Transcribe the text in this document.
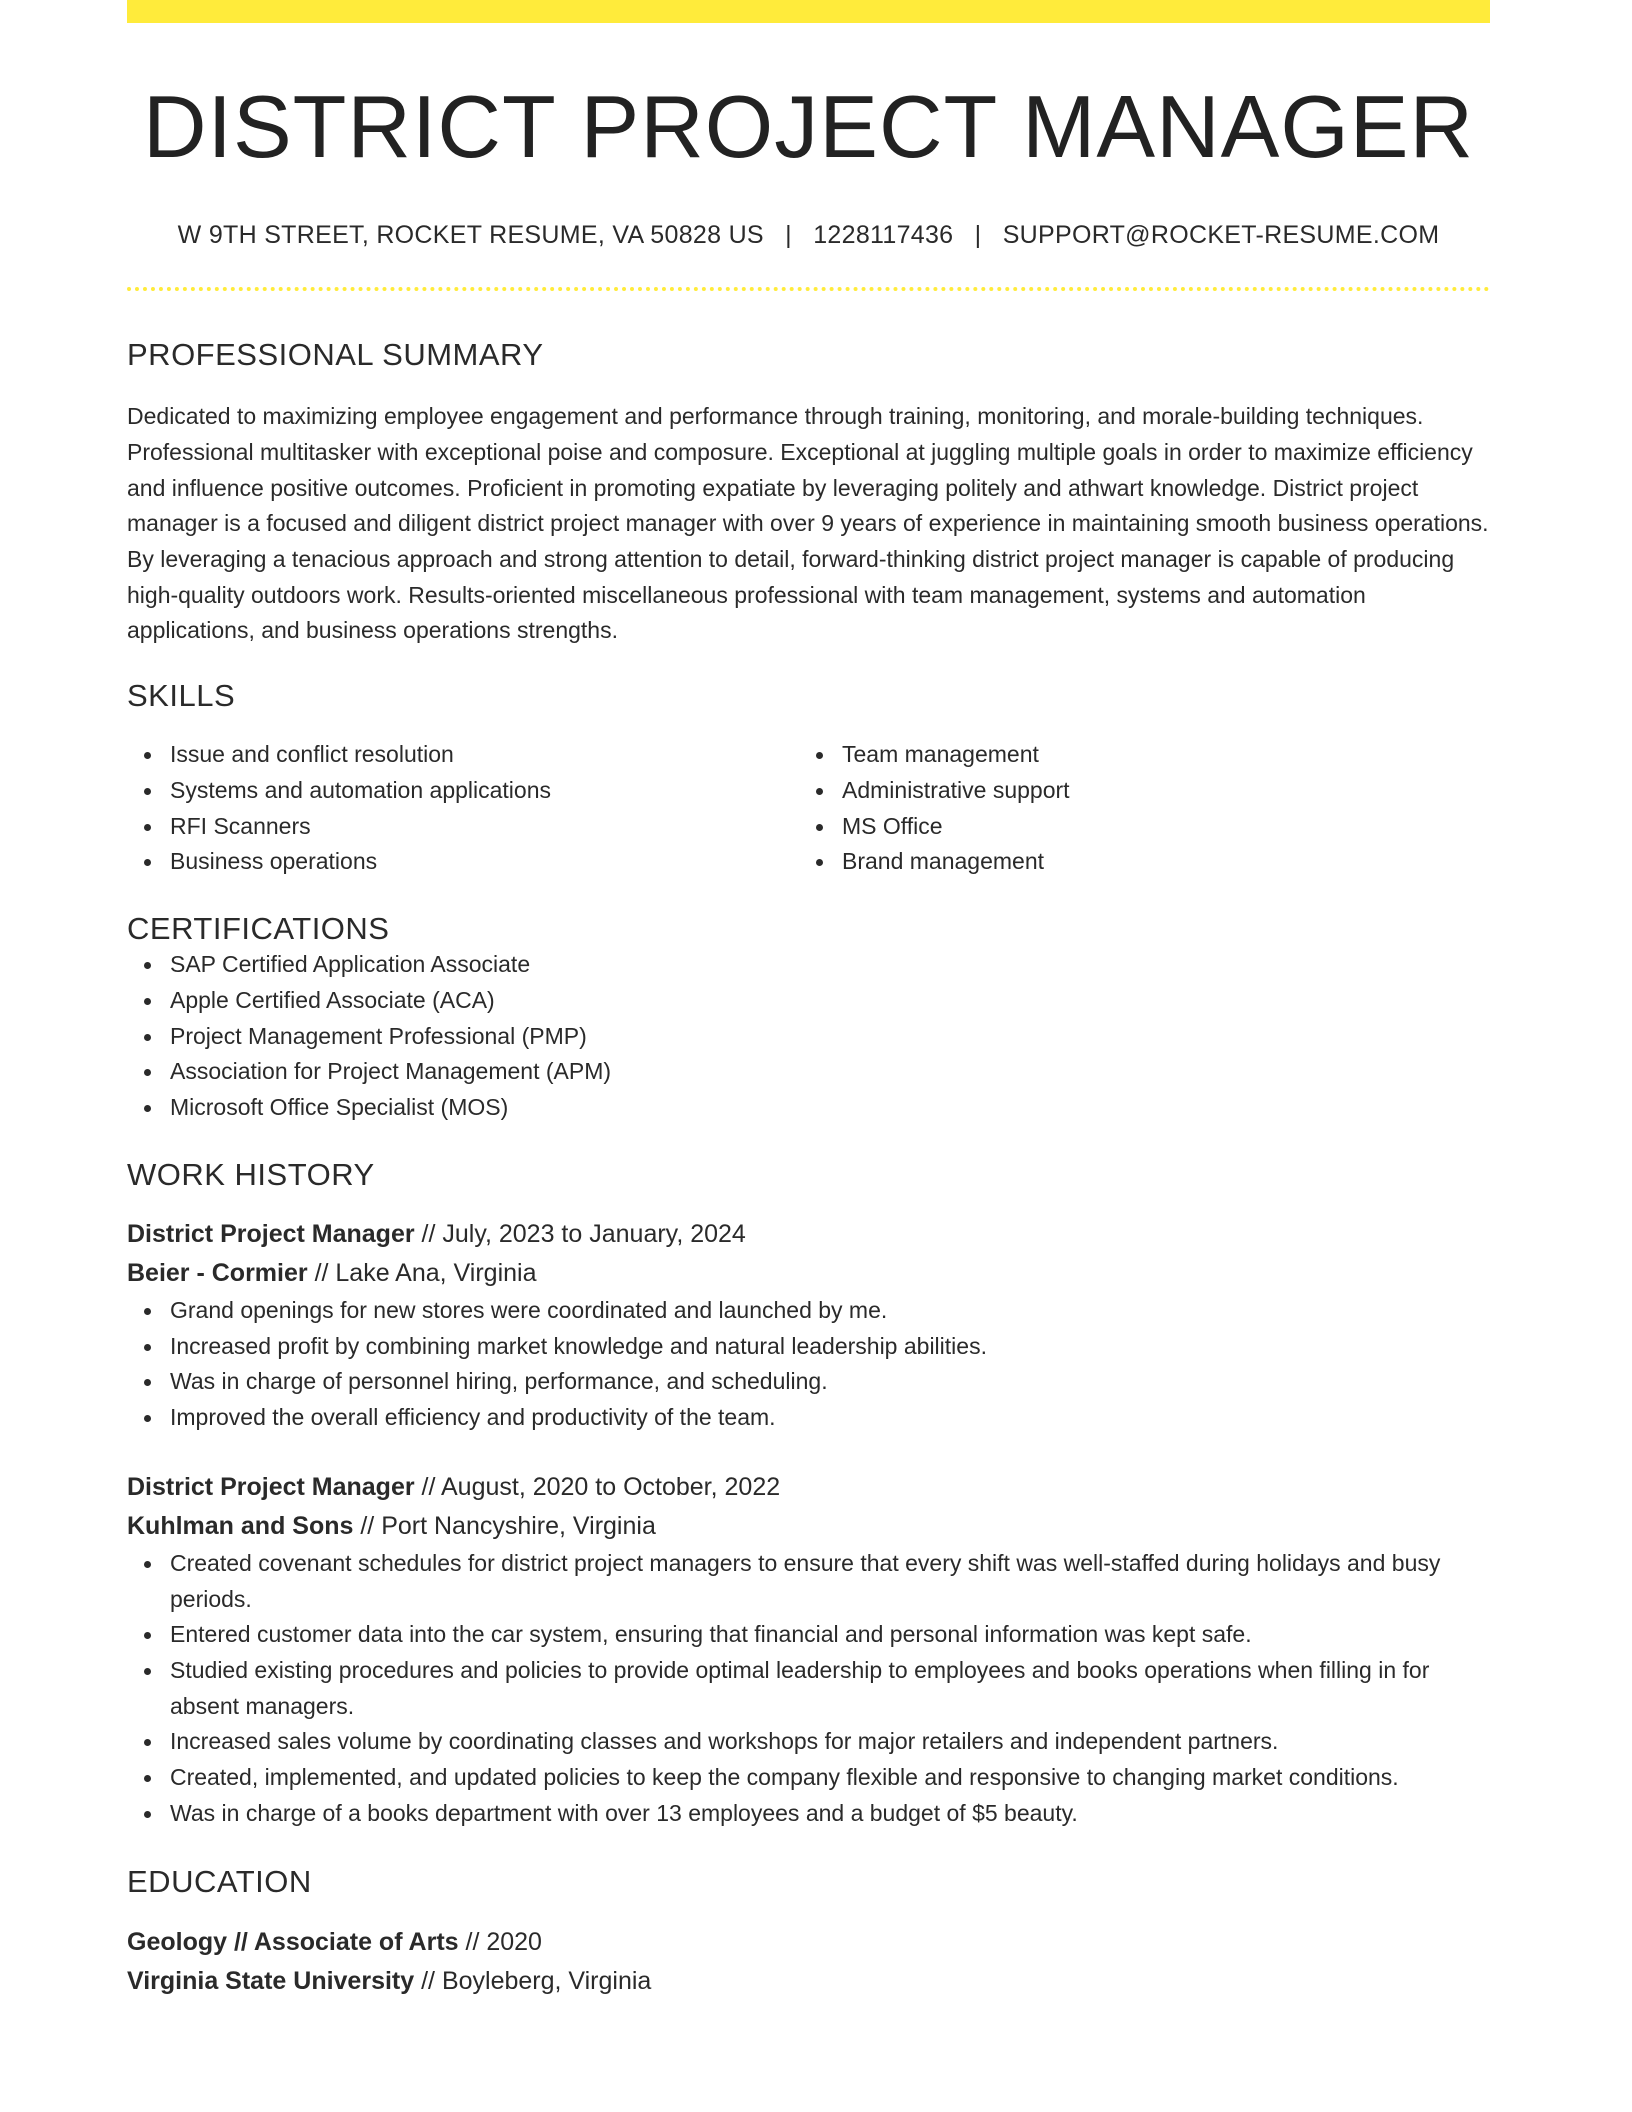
DISTRICT PROJECT MANAGER
W 9TH STREET, ROCKET RESUME, VA 50828 US | 1228117436 | SUPPORT@ROCKET-RESUME.COM
PROFESSIONAL SUMMARY

Dedicated to maximizing employee engagement and performance through training, monitoring, and morale-building techniques. Professional multitasker with exceptional poise and composure. Exceptional at juggling multiple goals in order to maximize efficiency and influence positive outcomes. Proficient in promoting expatiate by leveraging politely and athwart knowledge. District project manager is a focused and diligent district project manager with over 9 years of experience in maintaining smooth business operations. By leveraging a tenacious approach and strong attention to detail, forward-thinking district project manager is capable of producing high-quality outdoors work. Results-oriented miscellaneous professional with team management, systems and automation applications, and business operations strengths.

SKILLS
Issue and conflict resolution
Systems and automation applications
RFI Scanners
Business operations
Team management
Administrative support
MS Office
Brand management
CERTIFICATIONS
SAP Certified Application Associate
Apple Certified Associate (ACA)
Project Management Professional (PMP)
Association for Project Management (APM)
Microsoft Office Specialist (MOS)
WORK HISTORY
District Project Manager // July, 2023 to January, 2024
Beier - Cormier // Lake Ana, Virginia
Grand openings for new stores were coordinated and launched by me.
Increased profit by combining market knowledge and natural leadership abilities.
Was in charge of personnel hiring, performance, and scheduling.
Improved the overall efficiency and productivity of the team.
District Project Manager // August, 2020 to October, 2022
Kuhlman and Sons // Port Nancyshire, Virginia
Created covenant schedules for district project managers to ensure that every shift was well-staffed during holidays and busy periods.
Entered customer data into the car system, ensuring that financial and personal information was kept safe.
Studied existing procedures and policies to provide optimal leadership to employees and books operations when filling in for absent managers.
Increased sales volume by coordinating classes and workshops for major retailers and independent partners.
Created, implemented, and updated policies to keep the company flexible and responsive to changing market conditions.
Was in charge of a books department with over 13 employees and a budget of $5 beauty.
EDUCATION
Geology // Associate of Arts // 2020
Virginia State University // Boyleberg, Virginia
